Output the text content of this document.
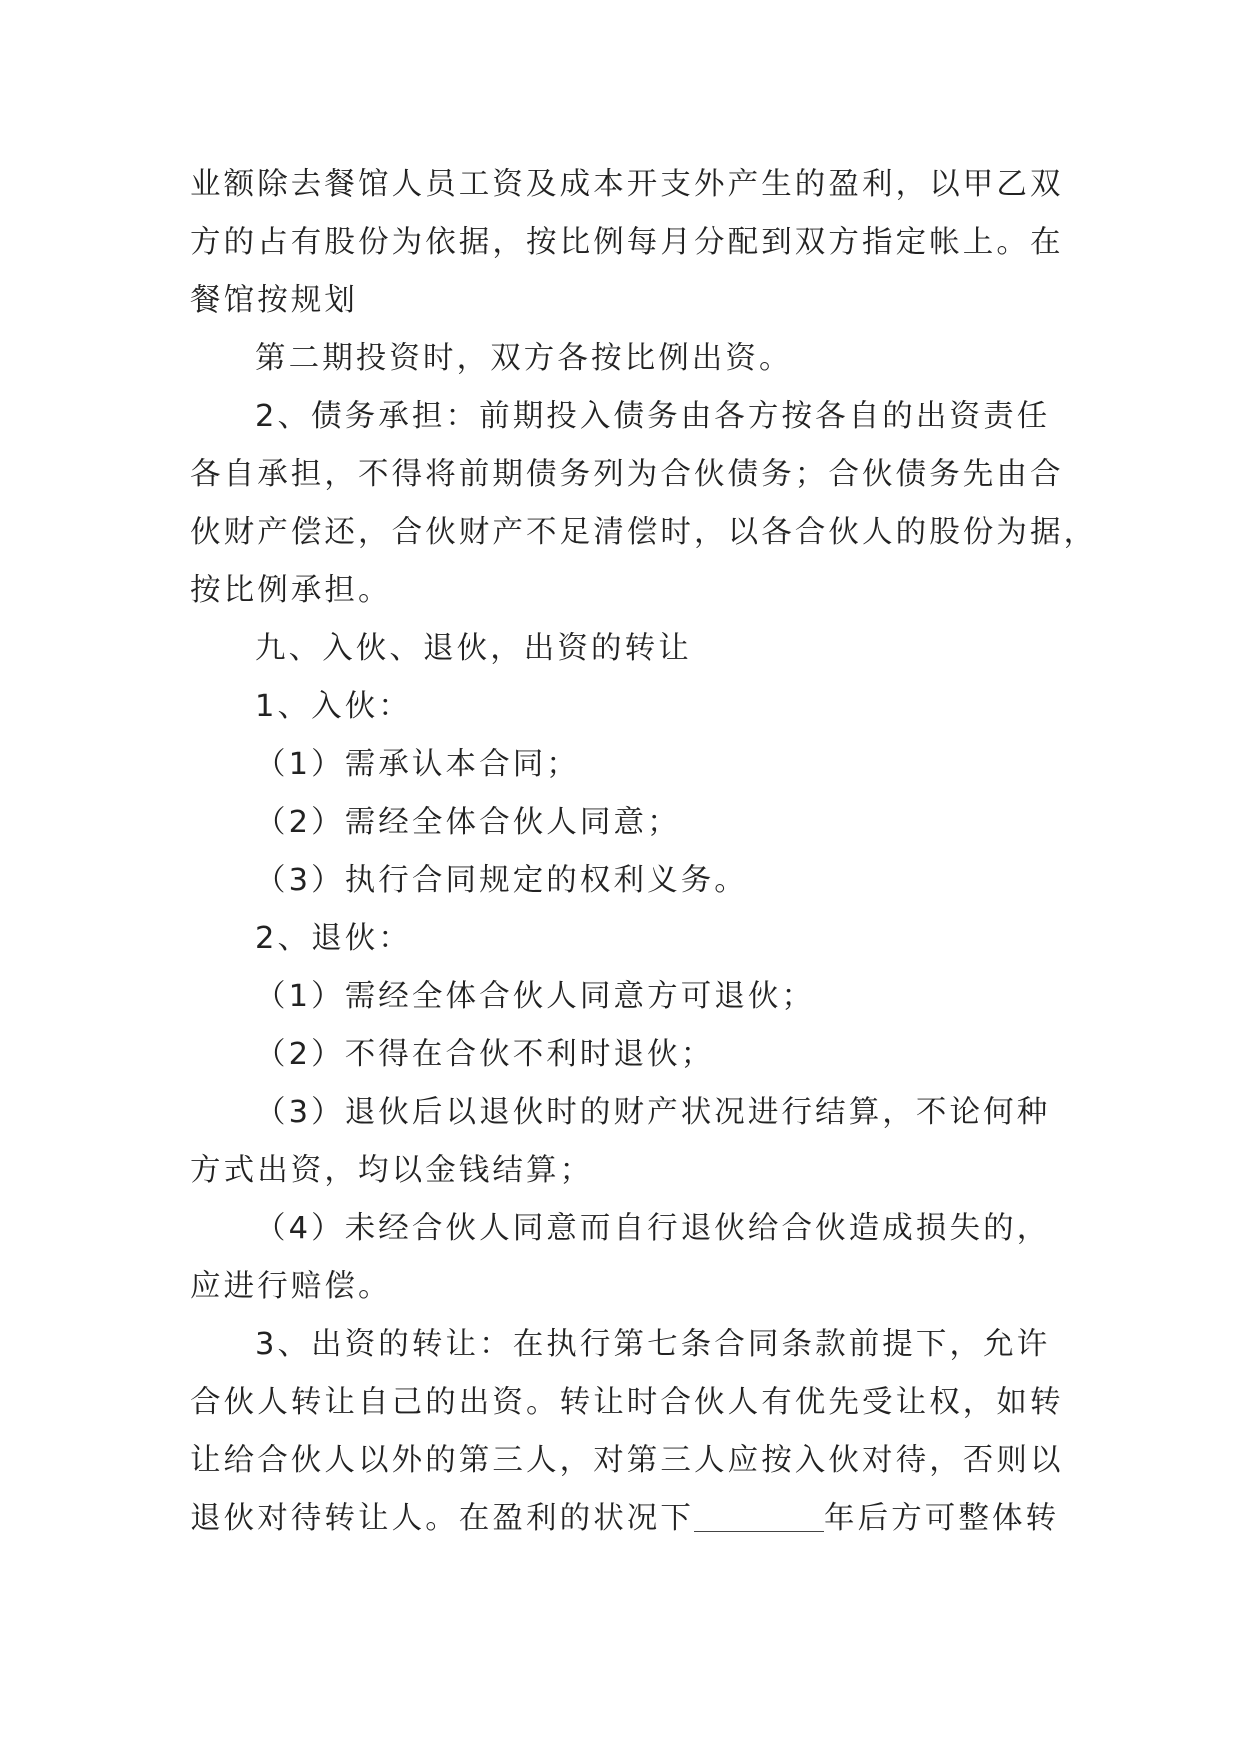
业额除去餐馆人员工资及成本开支外产生的盈利，以甲乙双

方的占有股份为依据，按比例每月分配到双方指定帐上。在

餐馆按规划

第二期投资时，双方各按比例出资。

2、债务承担：前期投入债务由各方按各自的出资责任

各自承担，不得将前期债务列为合伙债务；合伙债务先由合

伙财产偿还，合伙财产不足清偿时，以各合伙人的股份为据，

按比例承担。

九、入伙、退伙，出资的转让

1、入伙：

（1）需承认本合同；

（2）需经全体合伙人同意；

（3）执行合同规定的权利义务。

2、退伙：

（1）需经全体合伙人同意方可退伙；

（2）不得在合伙不利时退伙；

（3）退伙后以退伙时的财产状况进行结算，不论何种

方式出资，均以金钱结算；

（4）未经合伙人同意而自行退伙给合伙造成损失的，

应进行赔偿。

3、出资的转让：在执行第七条合同条款前提下，允许

合伙人转让自己的出资。转让时合伙人有优先受让权，如转

让给合伙人以外的第三人，对第三人应按入伙对待，否则以

退伙对待转让人。在盈利的状况下	年后方可整体转
